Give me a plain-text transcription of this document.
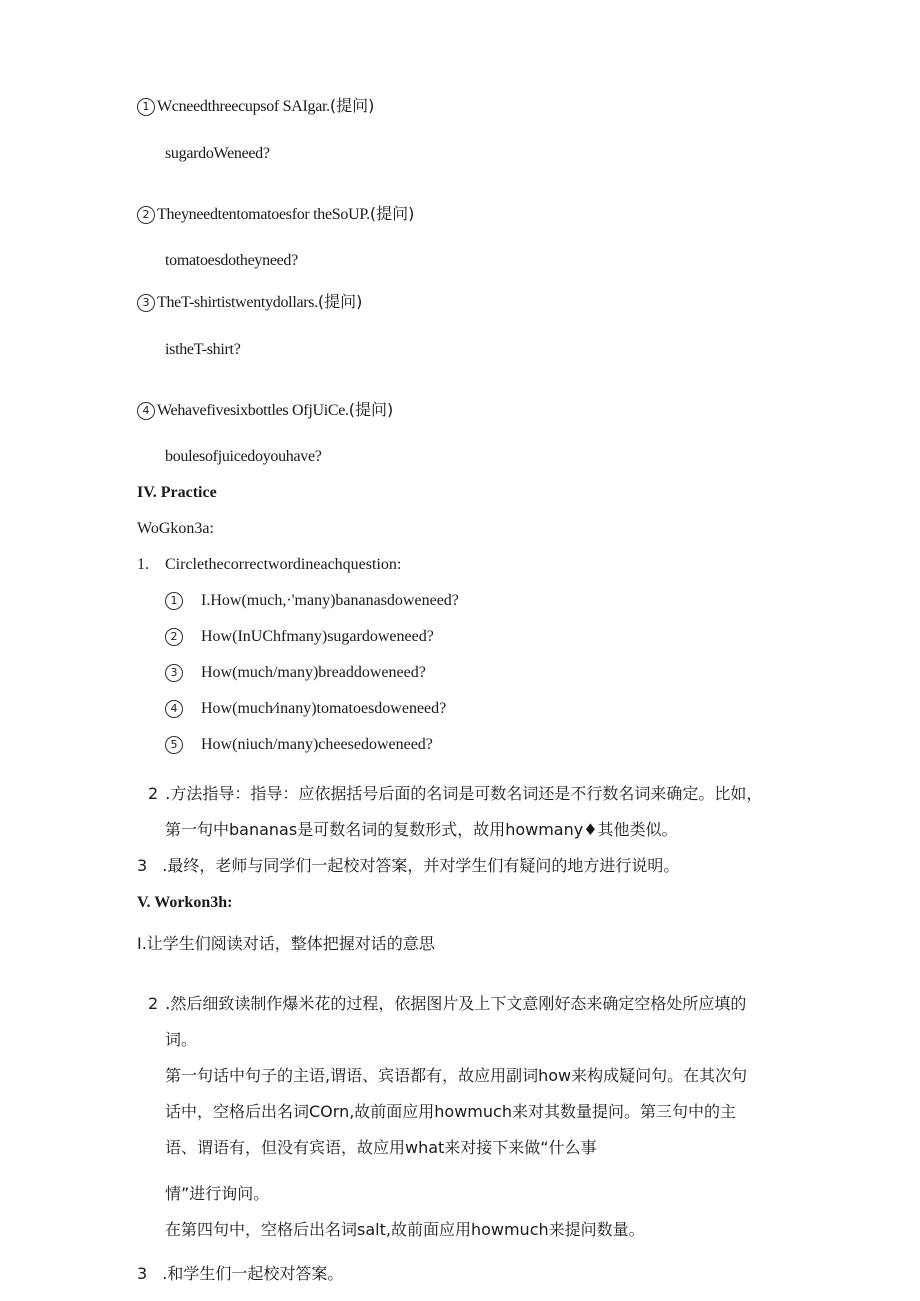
1 Wcneedthreecupsof SAIgar.(提问)
sugardoWeneed?
2 Theyneedtentomatoesfor theSoUP.(提问)
tomatoesdotheyneed?
3 TheT-shirtistwentydollars.(提问)
istheT-shirt?
4 Wehavefivesixbottles OfjUiCe.(提问)
boulesofjuicedoyouhave?
IV. Practice
WoGkon3a:
1. Circlethecorrectwordineachquestion:
1 I.How(much,·'many)bananasdoweneed?
2 How(InUChfmany)sugardoweneed?
3 How(much/many)breaddoweneed?
4 How(much⁄inany)tomatoesdoweneed?
5 How(niuch/many)cheesedoweneed?
2 .方法指导：指导：应依据括号后面的名词是可数名词还是不行数名词来确定。比如，
第一句中bananas是可数名词的复数形式，故用howmany♦其他类似。
3 .最终，老师与同学们一起校对答案，并对学生们有疑问的地方进行说明。
V. Workon3h:
I.让学生们阅读对话，整体把握对话的意思
2 .然后细致读制作爆米花的过程，依据图片及上下文意刚好态来确定空格处所应填的
词。
第一句话中句子的主语,谓语、宾语都有，故应用副词how来构成疑问句。在其次句
话中，空格后出名词COrn,故前面应用howmuch来对其数量提问。第三句中的主
语、谓语有，但没有宾语，故应用what来对接下来做“什么事
情”进行询问。
在第四句中，空格后出名词salt,故前面应用howmuch来提问数量。
3 .和学生们一起校对答案。
